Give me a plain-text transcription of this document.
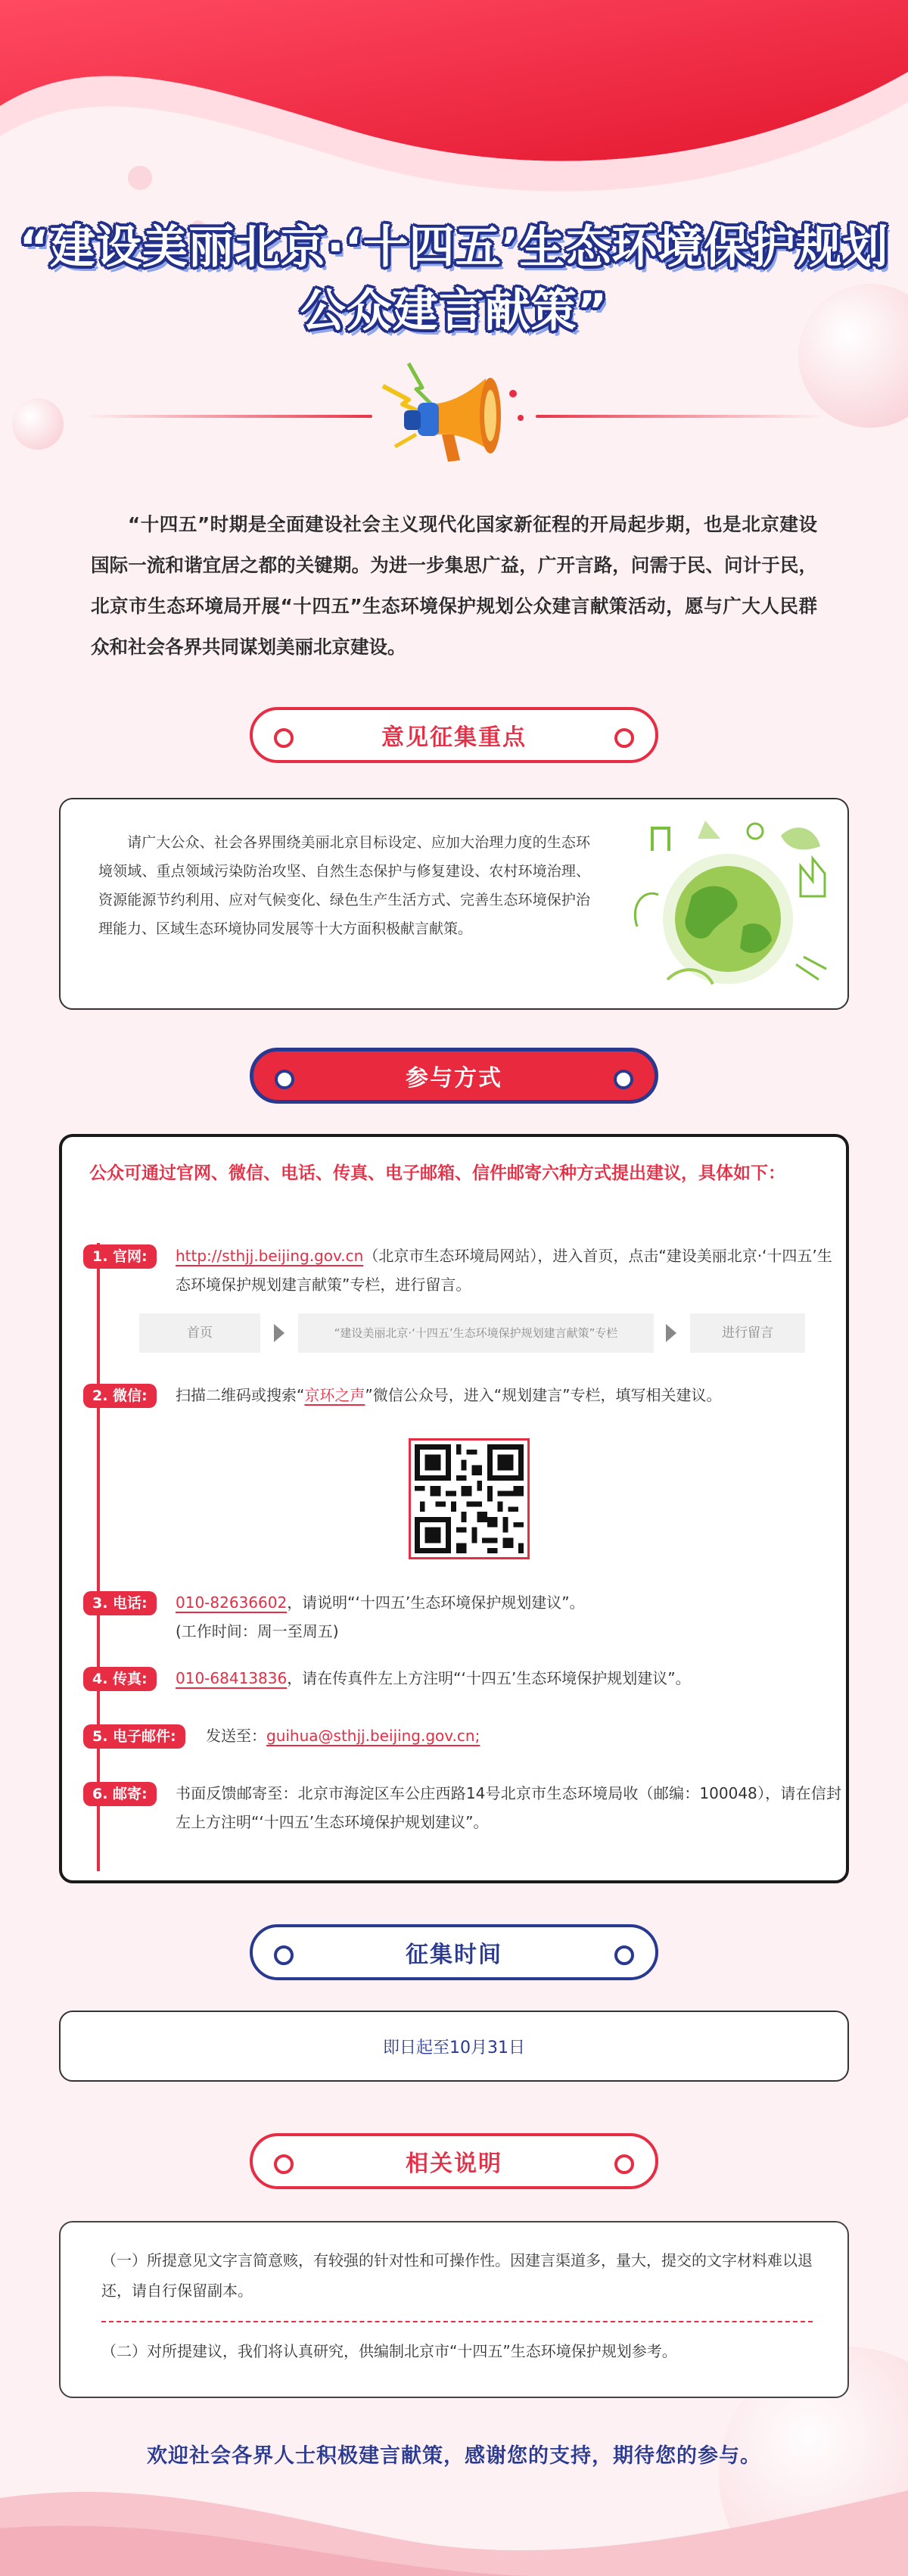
“建设美丽北京·‘十四五’生态环境保护规划
公众建言献策”

“十四五”时期是全面建设社会主义现代化国家新征程的开局起步期，也是北京建设国际一流和谐宜居之都的关键期。为进一步集思广益，广开言路，问需于民、问计于民，北京市生态环境局开展“十四五”生态环境保护规划公众建言献策活动，愿与广大人民群众和社会各界共同谋划美丽北京建设。

意见征集重点

请广大公众、社会各界围绕美丽北京目标设定、应加大治理力度的生态环境领域、重点领域污染防治攻坚、自然生态保护与修复建设、农村环境治理、资源能源节约利用、应对气候变化、绿色生产生活方式、完善生态环境保护治理能力、区域生态环境协同发展等十大方面积极献言献策。

参与方式

公众可通过官网、微信、电话、传真、电子邮箱、信件邮寄六种方式提出建议，具体如下：

1. 官网:	http://sthjj.beijing.gov.cn（北京市生态环境局网站），进入首页，点击“建设美丽北京·‘十四五’生态环境保护规划建言献策”专栏，进行留言。

首页	“建设美丽北京·‘十四五’生态环境保护规划建言献策”专栏	进行留言
2. 微信:	扫描二维码或搜索“京环之声”微信公众号，进入“规划建言”专栏，填写相关建议。

3. 电话:	010-82636602，请说明“‘十四五’生态环境保护规划建议”。
(工作时间：周一至周五)

4. 传真:	010-68413836，请在传真件左上方注明“‘十四五’生态环境保护规划建议”。

5. 电子邮件:	发送至：guihua@sthjj.beijing.gov.cn;

6. 邮寄:	书面反馈邮寄至：北京市海淀区车公庄西路14号北京市生态环境局收（邮编：100048），请在信封左上方注明“‘十四五’生态环境保护规划建议”。

征集时间
即日起至10月31日
相关说明

（一）所提意见文字言简意赅，有较强的针对性和可操作性。因建言渠道多，量大，提交的文字材料难以退还，请自行保留副本。

（二）对所提建议，我们将认真研究，供编制北京市“十四五”生态环境保护规划参考。

欢迎社会各界人士积极建言献策，感谢您的支持，期待您的参与。
